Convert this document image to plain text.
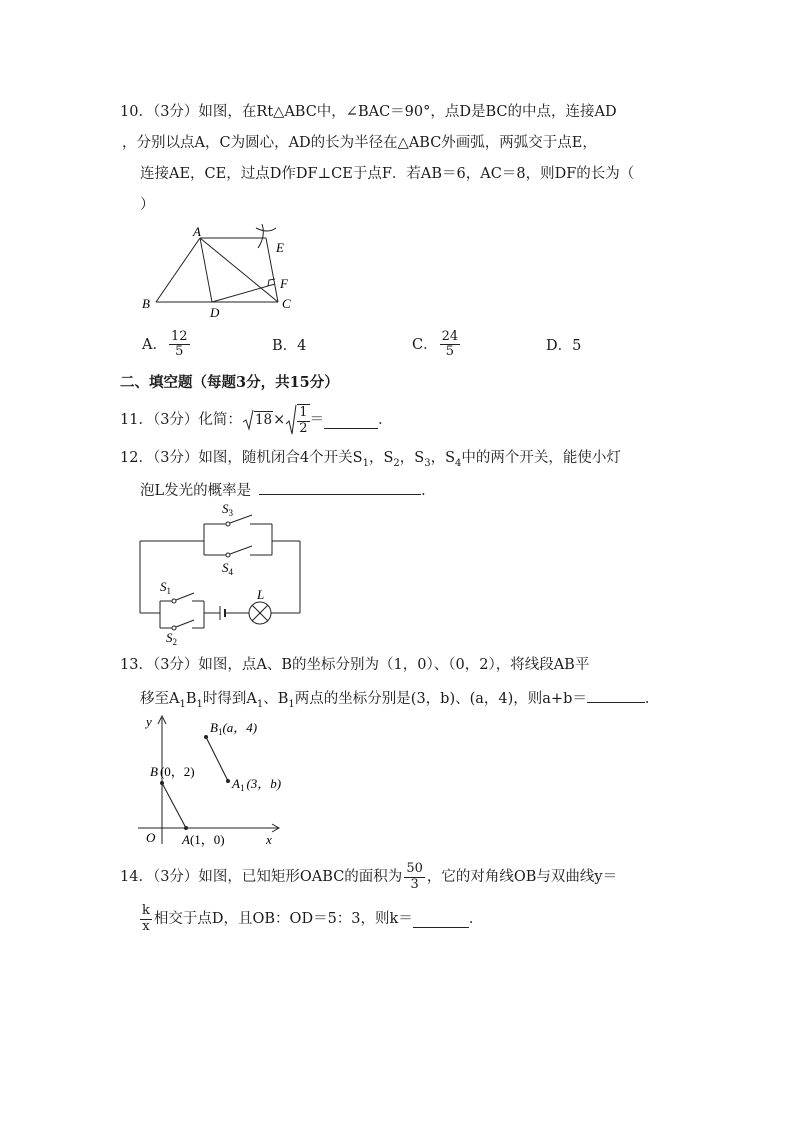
10．（3分）如图，在Rt△ABC中，∠BAC＝90°，点D是BC的中点，连接AD
，分别以点A，C为圆心，AD的长为半径在△ABC外画弧，两弧交于点E，
连接AE，CE，过点D作DF⊥CE于点F．若AB＝6，AC＝8，则DF的长为（
）
A
B	C
D
E
F
A． $\frac{12}{5}$	B．4	C． $\frac{24}{5}$	D．5
二、填空题（每题3分，共15分）
11．（3分）化简： $18\times \frac{1}{2}$ ＝	．
12．（3分）如图，随机闭合4个开关$S_1$，$S_2$，$S_3$，$S_4$中的两个开关，能使小灯
泡L发光的概率是	．
$S_3$
$S_4$
$S_1$
$S_2$
L
13．（3分）如图，点A、B的坐标分别为（1，0）、（0，2），将线段AB平
移至$A_1B_1$时得到$A_1$、$B_1$两点的坐标分别是(3，b)、(a，4)，则a+b＝	．
y
x
O
B (0，2)
A(1，0)
$B_1(a$，4)
$A_1$ (3，b)
14．（3分）如图，已知矩形OABC的面积为 $\frac{50}{3}$ ，它的对角线OB与双曲线y＝
$\frac{k}{x}$ 相交于点D，且OB：OD＝5：3，则k＝	．
